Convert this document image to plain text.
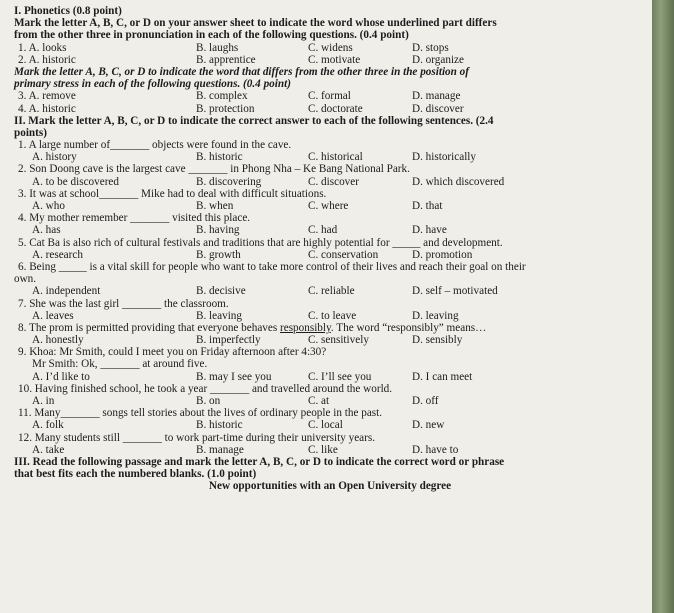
I. Phonetics (0.8 point)
Mark the letter A, B, C, or D on your answer sheet to indicate the word whose underlined part differs
from the other three in pronunciation in each of the following questions. (0.4 point)
1. A. looks	B. laughs	C. widens	D. stops
2. A. historic	B. apprentice	C. motivate	D. organize
Mark the letter A, B, C, or D to indicate the word that differs from the other three in the position of
primary stress in each of the following questions. (0.4 point)
3. A. remove	B. complex	C. formal	D. manage
4. A. historic	B. protection	C. doctorate	D. discover
II. Mark the letter A, B, C, or D to indicate the correct answer to each of the following sentences. (2.4
points)
1. A large number of_______ objects were found in the cave.
A. history	B. historic	C. historical	D. historically
2. Son Doong cave is the largest cave _______ in Phong Nha – Ke Bang National Park.
A. to be discovered	B. discovering	C. discover	D. which discovered
3. It was at school_______ Mike had to deal with difficult situations.
A. who	B. when	C. where	D. that
4. My mother remember _______ visited this place.
A. has	B. having	C. had	D. have
5. Cat Ba is also rich of cultural festivals and traditions that are highly potential for _____ and development.
A. research	B. growth	C. conservation	D. promotion
6. Being _____ is a vital skill for people who want to take more control of their lives and reach their goal on their
own.
A. independent	B. decisive	C. reliable	D. self – motivated
7. She was the last girl _______ the classroom.
A. leaves	B. leaving	C. to leave	D. leaving
8. The prom is permitted providing that everyone behaves responsibly. The word “responsibly” means…
A. honestly	B. imperfectly	C. sensitively	D. sensibly
9. Khoa: Mr Smith, could I meet you on Friday afternoon after 4:30?
Mr Smith: Ok, _______ at around five.
A. I’d like to	B. may I see you	C. I’ll see you	D. I can meet
10. Having finished school, he took a year _______ and travelled around the world.
A. in	B. on	C. at	D. off
11. Many_______ songs tell stories about the lives of ordinary people in the past.
A. folk	B. historic	C. local	D. new
12. Many students still _______ to work part-time during their university years.
A. take	B. manage	C. like	D. have to
III. Read the following passage and mark the letter A, B, C, or D to indicate the correct word or phrase
that best fits each the numbered blanks. (1.0 point)
New opportunities with an Open University degree
